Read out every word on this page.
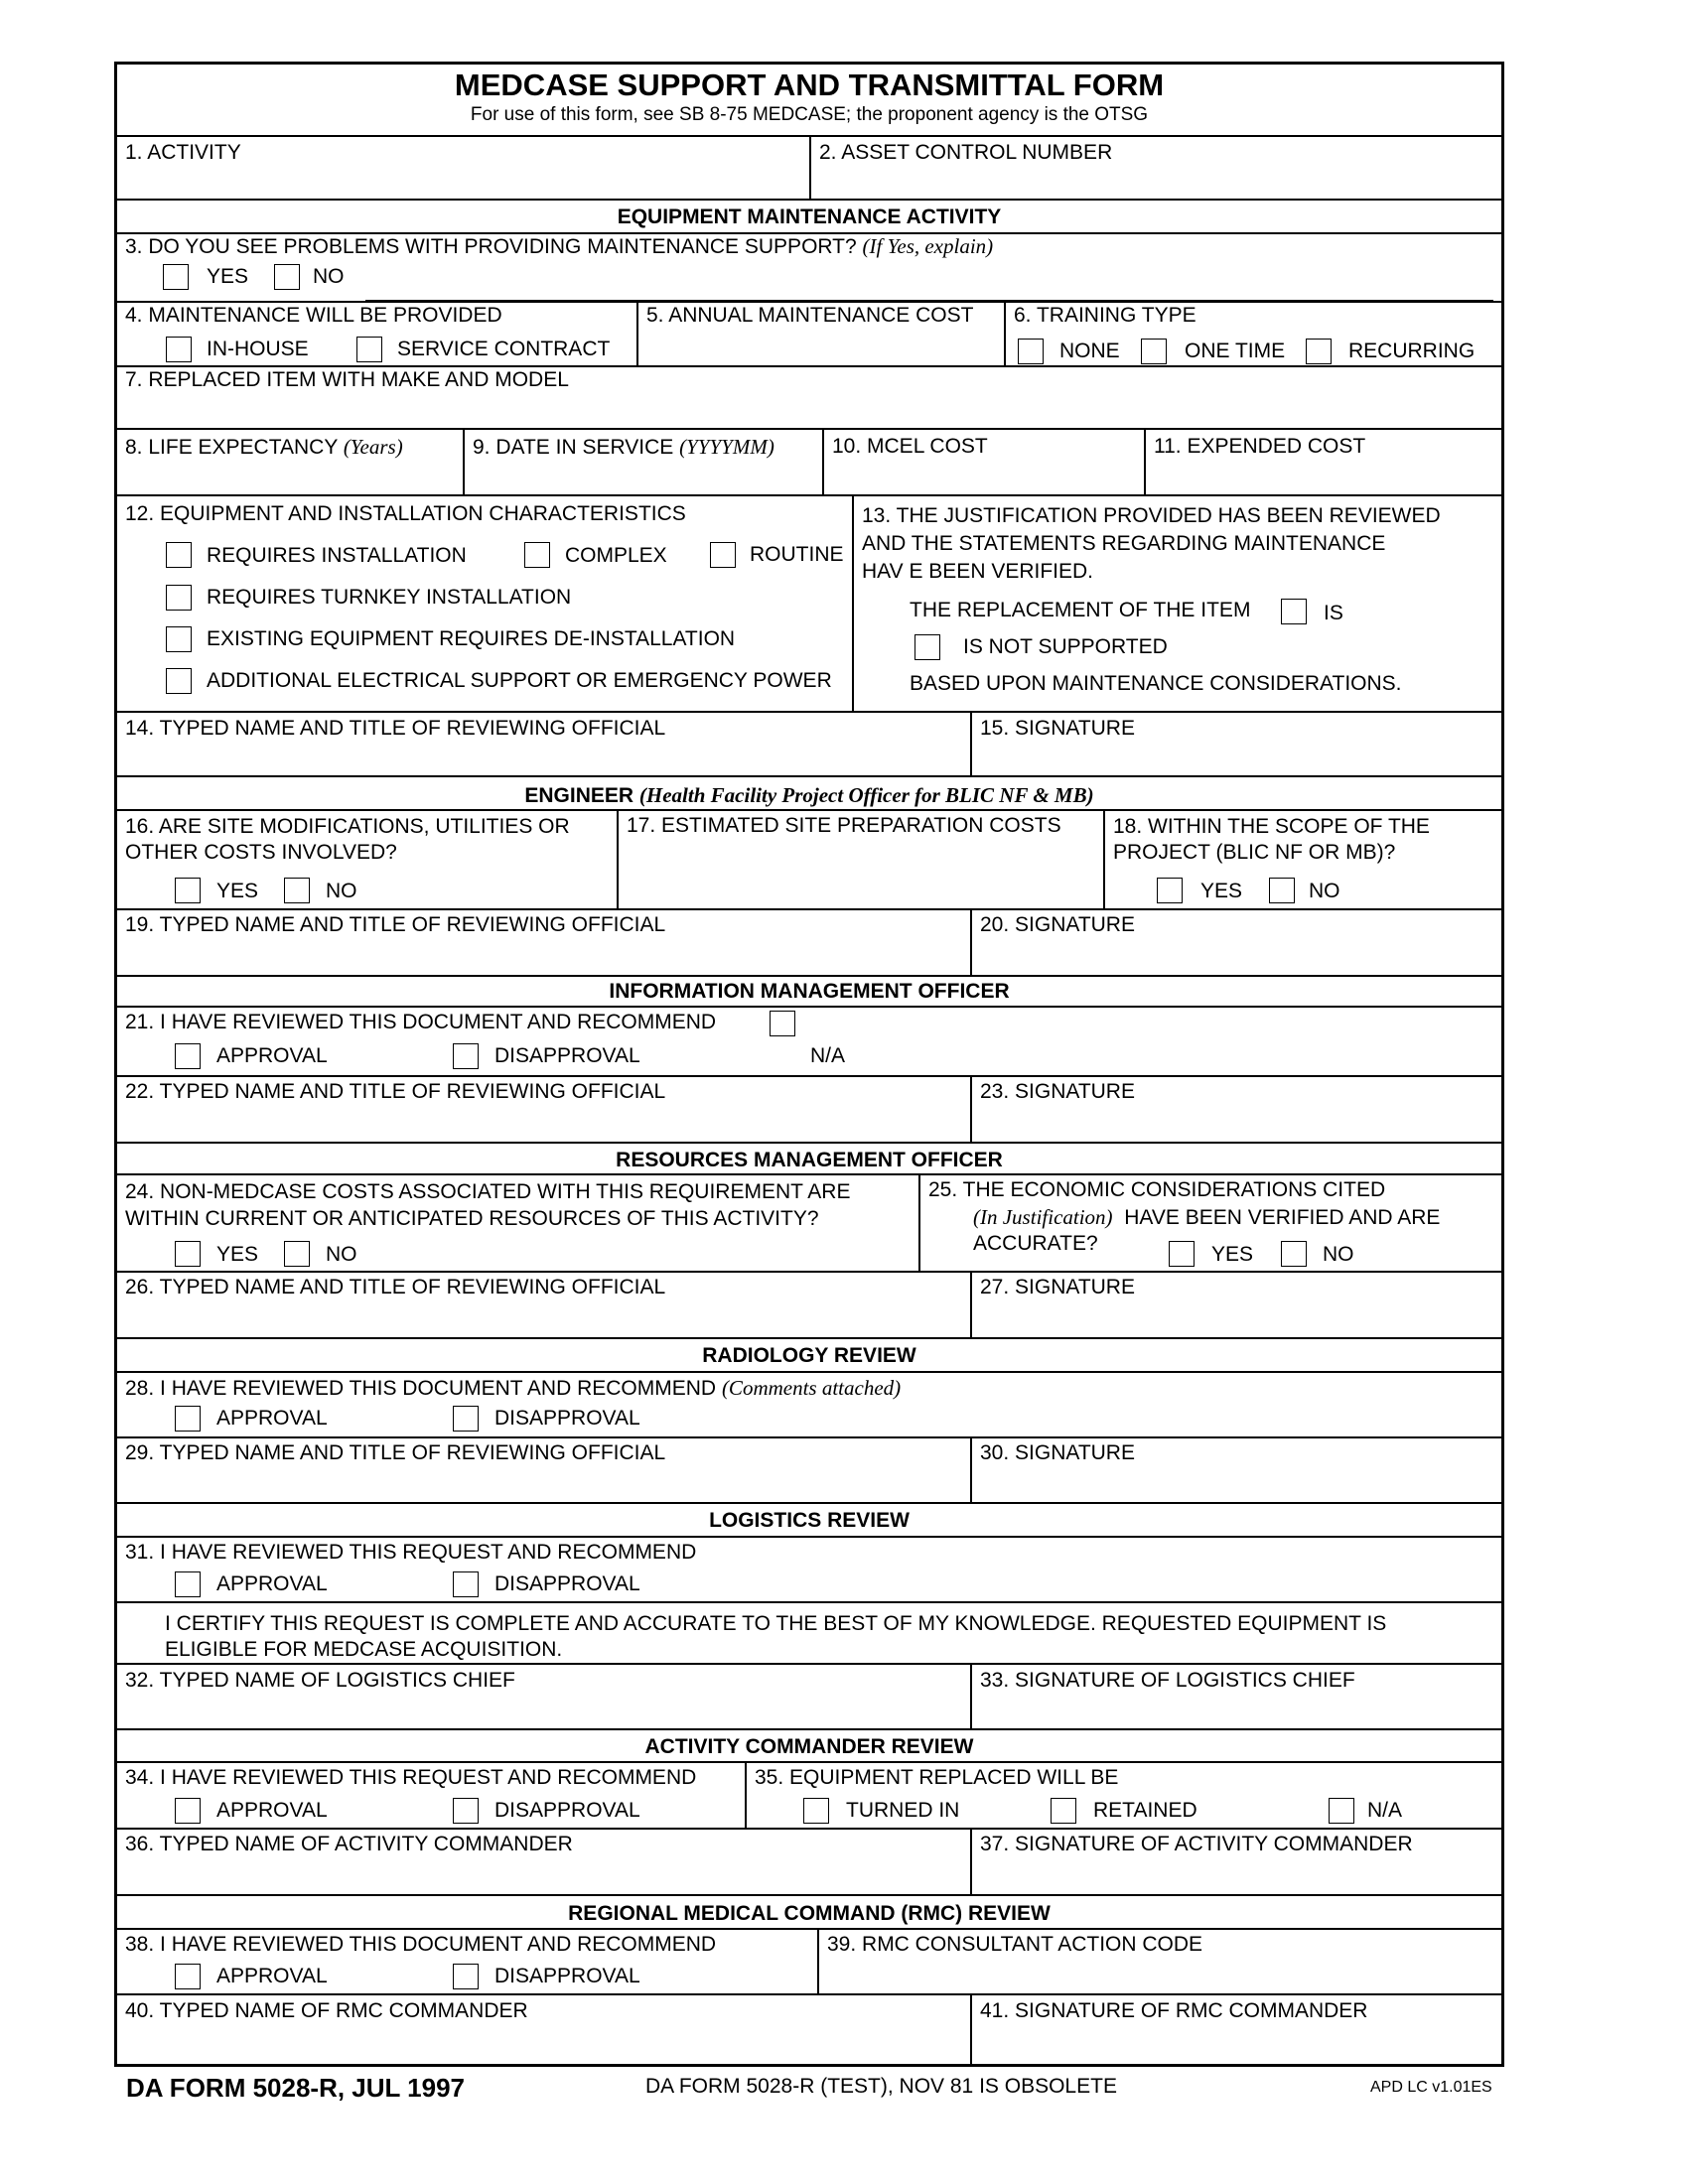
MEDCASE SUPPORT AND TRANSMITTAL FORM
For use of this form, see SB 8-75 MEDCASE; the proponent agency is the OTSG
1. ACTIVITY	2. ASSET CONTROL NUMBER
EQUIPMENT MAINTENANCE ACTIVITY
3. DO YOU SEE PROBLEMS WITH PROVIDING MAINTENANCE SUPPORT? (If Yes, explain)
YES	NO
4. MAINTENANCE WILL BE PROVIDED
IN-HOUSE	SERVICE CONTRACT
5. ANNUAL MAINTENANCE COST 6. TRAINING TYPE
NONE	ONE TIME	RECURRING
7. REPLACED ITEM WITH MAKE AND MODEL
8. LIFE EXPECTANCY (Years)	9. DATE IN SERVICE (YYYYMM)	10. MCEL COST	11. EXPENDED COST
12. EQUIPMENT AND INSTALLATION CHARACTERISTICS
REQUIRES INSTALLATION	COMPLEX	ROUTINE
REQUIRES TURNKEY INSTALLATION
EXISTING EQUIPMENT REQUIRES DE-INSTALLATION
ADDITIONAL ELECTRICAL SUPPORT OR EMERGENCY POWER
13. THE JUSTIFICATION PROVIDED HAS BEEN REVIEWED
AND THE STATEMENTS REGARDING MAINTENANCE
HAV E BEEN VERIFIED.
THE REPLACEMENT OF THE ITEM	IS
IS NOT SUPPORTED
BASED UPON MAINTENANCE CONSIDERATIONS.
14. TYPED NAME AND TITLE OF REVIEWING OFFICIAL	15. SIGNATURE
ENGINEER (Health Facility Project Officer for BLIC NF & MB)
16. ARE SITE MODIFICATIONS, UTILITIES OR
OTHER COSTS INVOLVED?
YES	NO
17. ESTIMATED SITE PREPARATION COSTS 18. WITHIN THE SCOPE OF THE
PROJECT (BLIC NF OR MB)?
YES	NO
19. TYPED NAME AND TITLE OF REVIEWING OFFICIAL	20. SIGNATURE
INFORMATION MANAGEMENT OFFICER
21. I HAVE REVIEWED THIS DOCUMENT AND RECOMMEND
APPROVAL	DISAPPROVAL	N/A
22. TYPED NAME AND TITLE OF REVIEWING OFFICIAL	23. SIGNATURE
RESOURCES MANAGEMENT OFFICER
24. NON-MEDCASE COSTS ASSOCIATED WITH THIS REQUIREMENT ARE
WITHIN CURRENT OR ANTICIPATED RESOURCES OF THIS ACTIVITY?
YES	NO
25. THE ECONOMIC CONSIDERATIONS CITED
(In Justification) HAVE BEEN VERIFIED AND ARE
ACCURATE?	YES	NO
26. TYPED NAME AND TITLE OF REVIEWING OFFICIAL	27. SIGNATURE
RADIOLOGY REVIEW
28. I HAVE REVIEWED THIS DOCUMENT AND RECOMMEND (Comments attached)
APPROVAL	DISAPPROVAL
29. TYPED NAME AND TITLE OF REVIEWING OFFICIAL	30. SIGNATURE
LOGISTICS REVIEW
31. I HAVE REVIEWED THIS REQUEST AND RECOMMEND
APPROVAL	DISAPPROVAL
I CERTIFY THIS REQUEST IS COMPLETE AND ACCURATE TO THE BEST OF MY KNOWLEDGE. REQUESTED EQUIPMENT IS
ELIGIBLE FOR MEDCASE ACQUISITION.
32. TYPED NAME OF LOGISTICS CHIEF	33. SIGNATURE OF LOGISTICS CHIEF
ACTIVITY COMMANDER REVIEW
34. I HAVE REVIEWED THIS REQUEST AND RECOMMEND
APPROVAL	DISAPPROVAL
35. EQUIPMENT REPLACED WILL BE
TURNED IN	RETAINED	N/A
36. TYPED NAME OF ACTIVITY COMMANDER	37. SIGNATURE OF ACTIVITY COMMANDER
REGIONAL MEDICAL COMMAND (RMC) REVIEW
38. I HAVE REVIEWED THIS DOCUMENT AND RECOMMEND
APPROVAL	DISAPPROVAL
39. RMC CONSULTANT ACTION CODE
40. TYPED NAME OF RMC COMMANDER	41. SIGNATURE OF RMC COMMANDER
DA FORM 5028-R, JUL 1997	DA FORM 5028-R (TEST), NOV 81 IS OBSOLETE	APD LC v1.01ES
